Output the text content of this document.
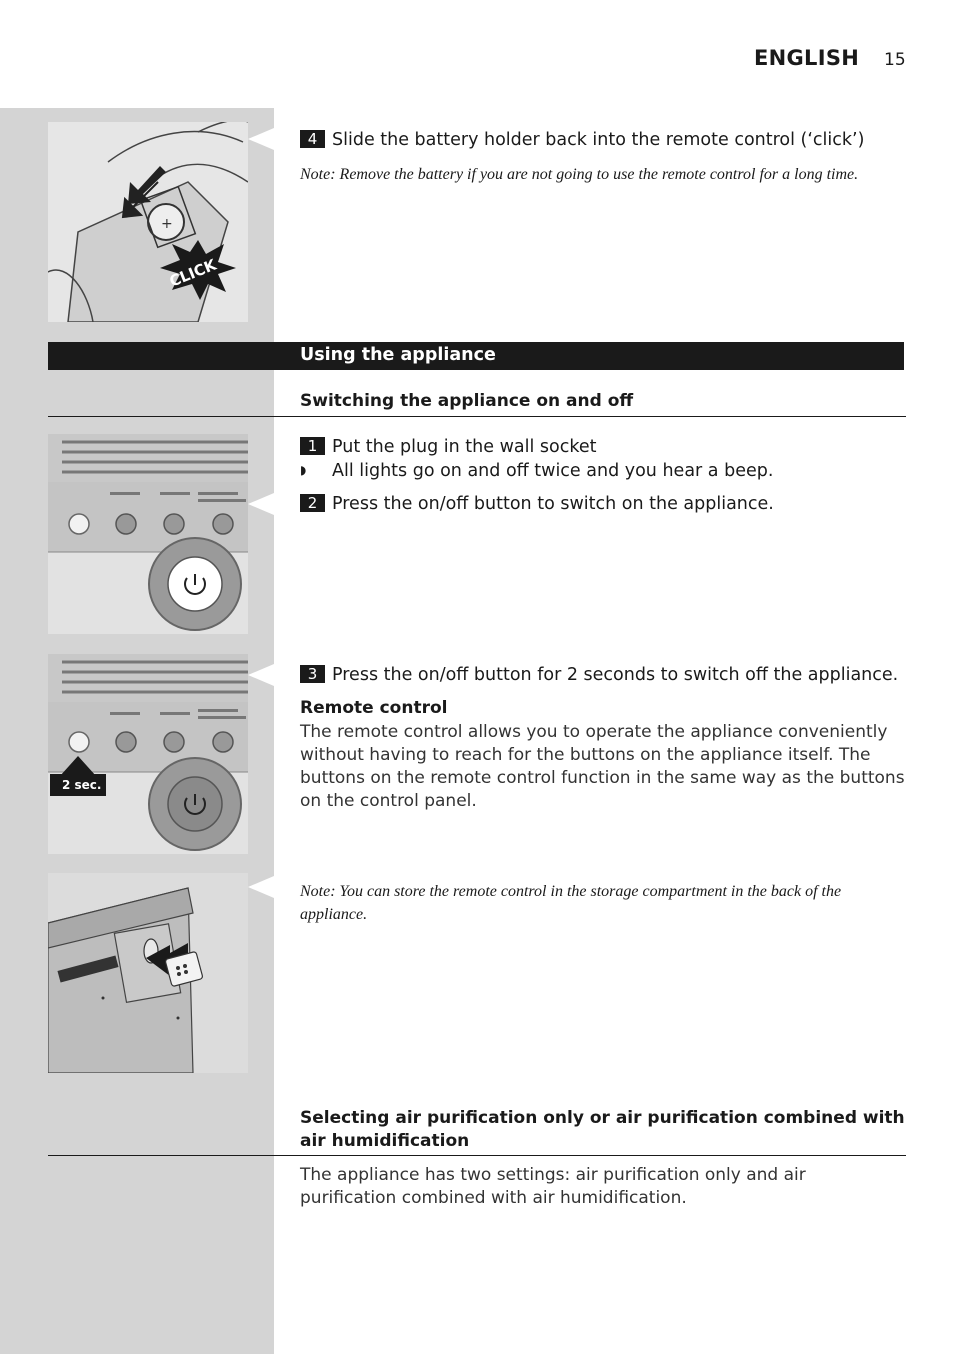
ENGLISH 15
+
CLICK
4 Slide the battery holder back into the remote control (‘click’)
Note: Remove the battery if you are not going to use the remote control for a long time.
Using the appliance
Switching the appliance on and off
1 Put the plug in the wall socket
◗ All lights go on and off twice and you hear a beep.
2 Press the on/off button to switch on the appliance.
2 sec.
3 Press the on/off button for 2 seconds to switch off the appliance.
Remote control
The remote control allows you to operate the appliance conveniently without having to reach for the buttons on the appliance itself. The buttons on the remote control function in the same way as the buttons on the control panel.
Note: You can store the remote control in the storage compartment in the back of the appliance.
Selecting air purification only or air purification combined with air humidification
The appliance has two settings: air purification only and air purification combined with air humidification.
